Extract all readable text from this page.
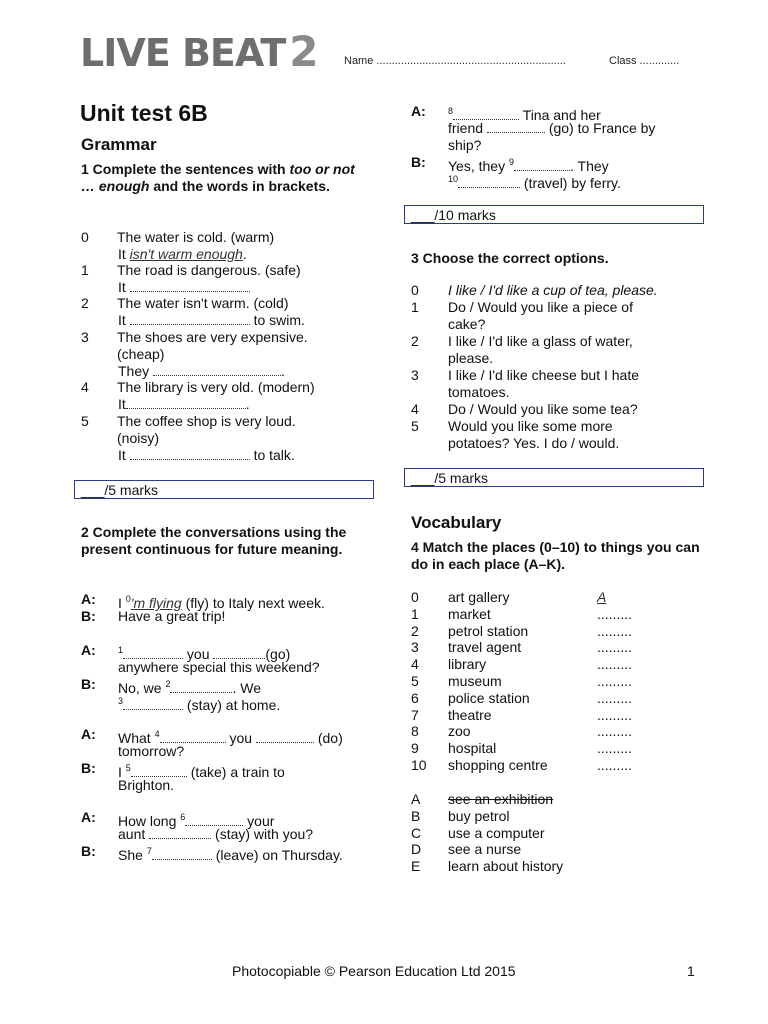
LIVE BEAT2 Name ..............................................................	Class .............
Unit test 6B
Grammar
1 Complete the sentences with too or not … enough and the words in brackets.
0	The water is cold. (warm)
It isn't warm enough.
1	The road is dangerous. (safe)
It
2	The water isn't warm. (cold)
It	to swim.
3	The shoes are very expensive. (cheap)
They	.
4	The library is very old. (modern)
It	.
5	The coffee shop is very loud. (noisy)
It	to talk.
___/5 marks
2 Complete the conversations using the present continuous for future meaning.
A: I $^0$'m flying (fly) to Italy next week.

B: Have a great trip!
A: $^1$	you	(go)

anywhere special this weekend?

B: No, we $^2$	. We

$^3$	(stay) at home.
A: What $^4$	you	(do)

tomorrow?

B: I $^5$	(take) a train to

Brighton.
A: How long $^6$	your

aunt	(stay) with you?

B: She $^7$	(leave) on Thursday.
A: $^8$	Tina and her

friend	(go) to France by

ship?

B: Yes, they $^9$	. They

$^{10}$	(travel) by ferry.
___/10 marks
3 Choose the correct options.
0 I like / I'd like a cup of tea, please.
1 Do / Would you like a piece of
cake?
2 I like / I'd like a glass of water,
please.
3 I like / I'd like cheese but I hate
tomatoes.
4 Do / Would you like some tea?
5 Would you like some more
potatoes? Yes. I do / would.
___/5 marks
Vocabulary
4 Match the places (0–10) to things you can do in each place (A–K).
0 art gallery	A
1 market	.........
2 petrol station	.........
3 travel agent	.........
4 library	.........
5 museum	.........
6 police station	.........
7 theatre	.........
8 zoo	.........
9 hospital	.........
10 shopping centre	.........
A see an exhibition
B buy petrol
C use a computer
D see a nurse
E learn about history
Photocopiable © Pearson Education Ltd 2015	1
